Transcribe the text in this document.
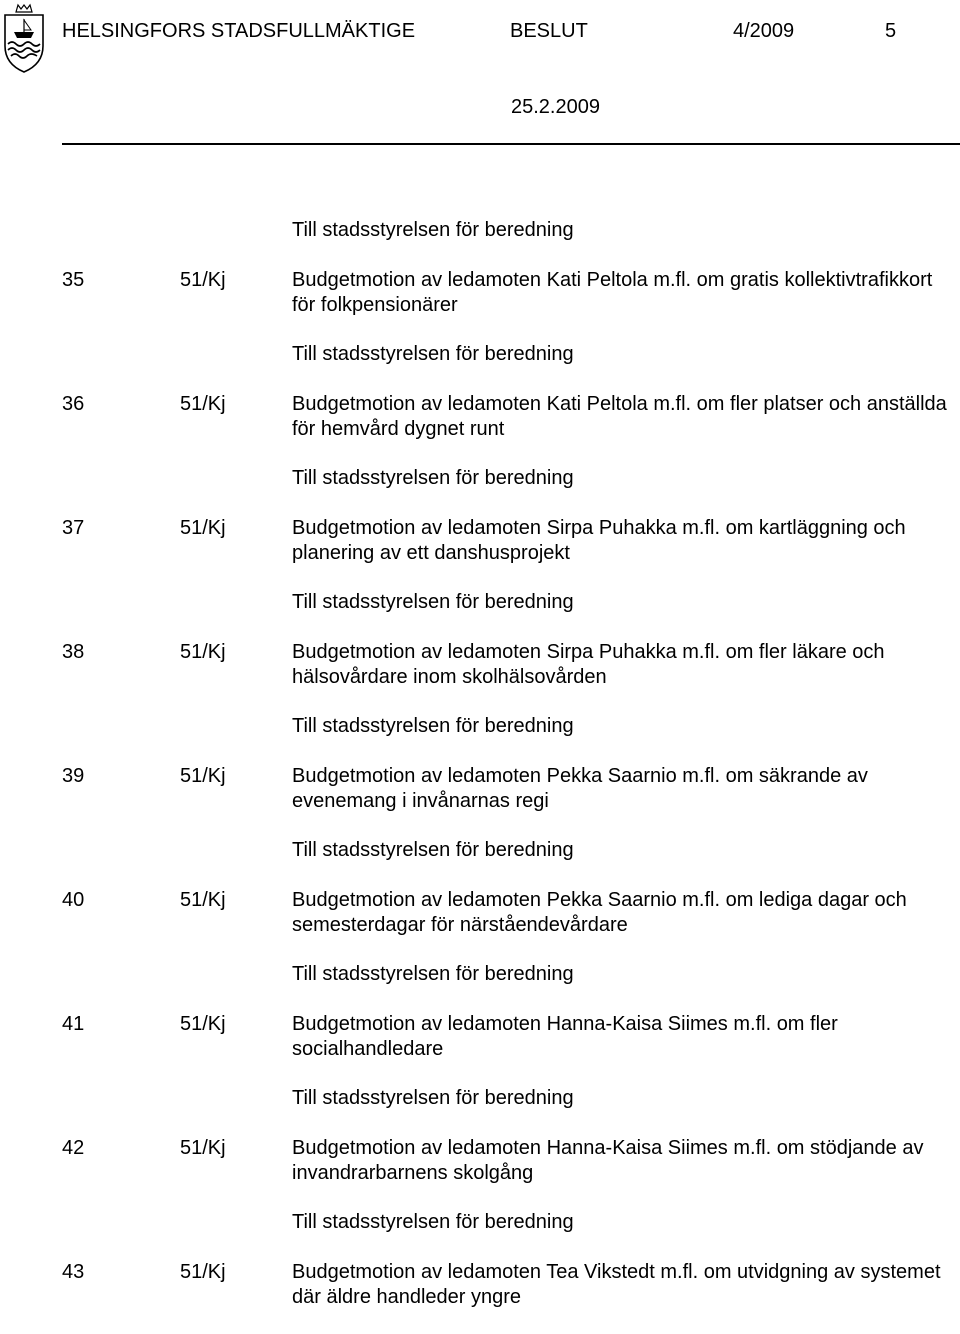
HELSINGFORS STADSFULLMÄKTIGE	BESLUT	4/2009	5
25.2.2009
Till stadsstyrelsen för beredning
35	51/Kj	Budgetmotion av ledamoten Kati Peltola m.fl. om gratis kollektivtrafikkort för folkpensionärer
Till stadsstyrelsen för beredning
36	51/Kj	Budgetmotion av ledamoten Kati Peltola m.fl. om fler platser och anställda för hemvård dygnet runt
Till stadsstyrelsen för beredning
37	51/Kj	Budgetmotion av ledamoten Sirpa Puhakka m.fl. om kartläggning och planering av ett danshusprojekt
Till stadsstyrelsen för beredning
38	51/Kj	Budgetmotion av ledamoten Sirpa Puhakka m.fl. om fler läkare och hälsovårdare inom skolhälsovården
Till stadsstyrelsen för beredning
39	51/Kj	Budgetmotion av ledamoten Pekka Saarnio m.fl. om säkrande av evenemang i invånarnas regi
Till stadsstyrelsen för beredning
40	51/Kj	Budgetmotion av ledamoten Pekka Saarnio m.fl. om lediga dagar och semesterdagar för närståendevårdare
Till stadsstyrelsen för beredning
41	51/Kj	Budgetmotion av ledamoten Hanna-Kaisa Siimes m.fl. om fler socialhandledare
Till stadsstyrelsen för beredning
42	51/Kj	Budgetmotion av ledamoten Hanna-Kaisa Siimes m.fl. om stödjande av invandrarbarnens skolgång
Till stadsstyrelsen för beredning
43	51/Kj	Budgetmotion av ledamoten Tea Vikstedt m.fl. om utvidgning av systemet där äldre handleder yngre
